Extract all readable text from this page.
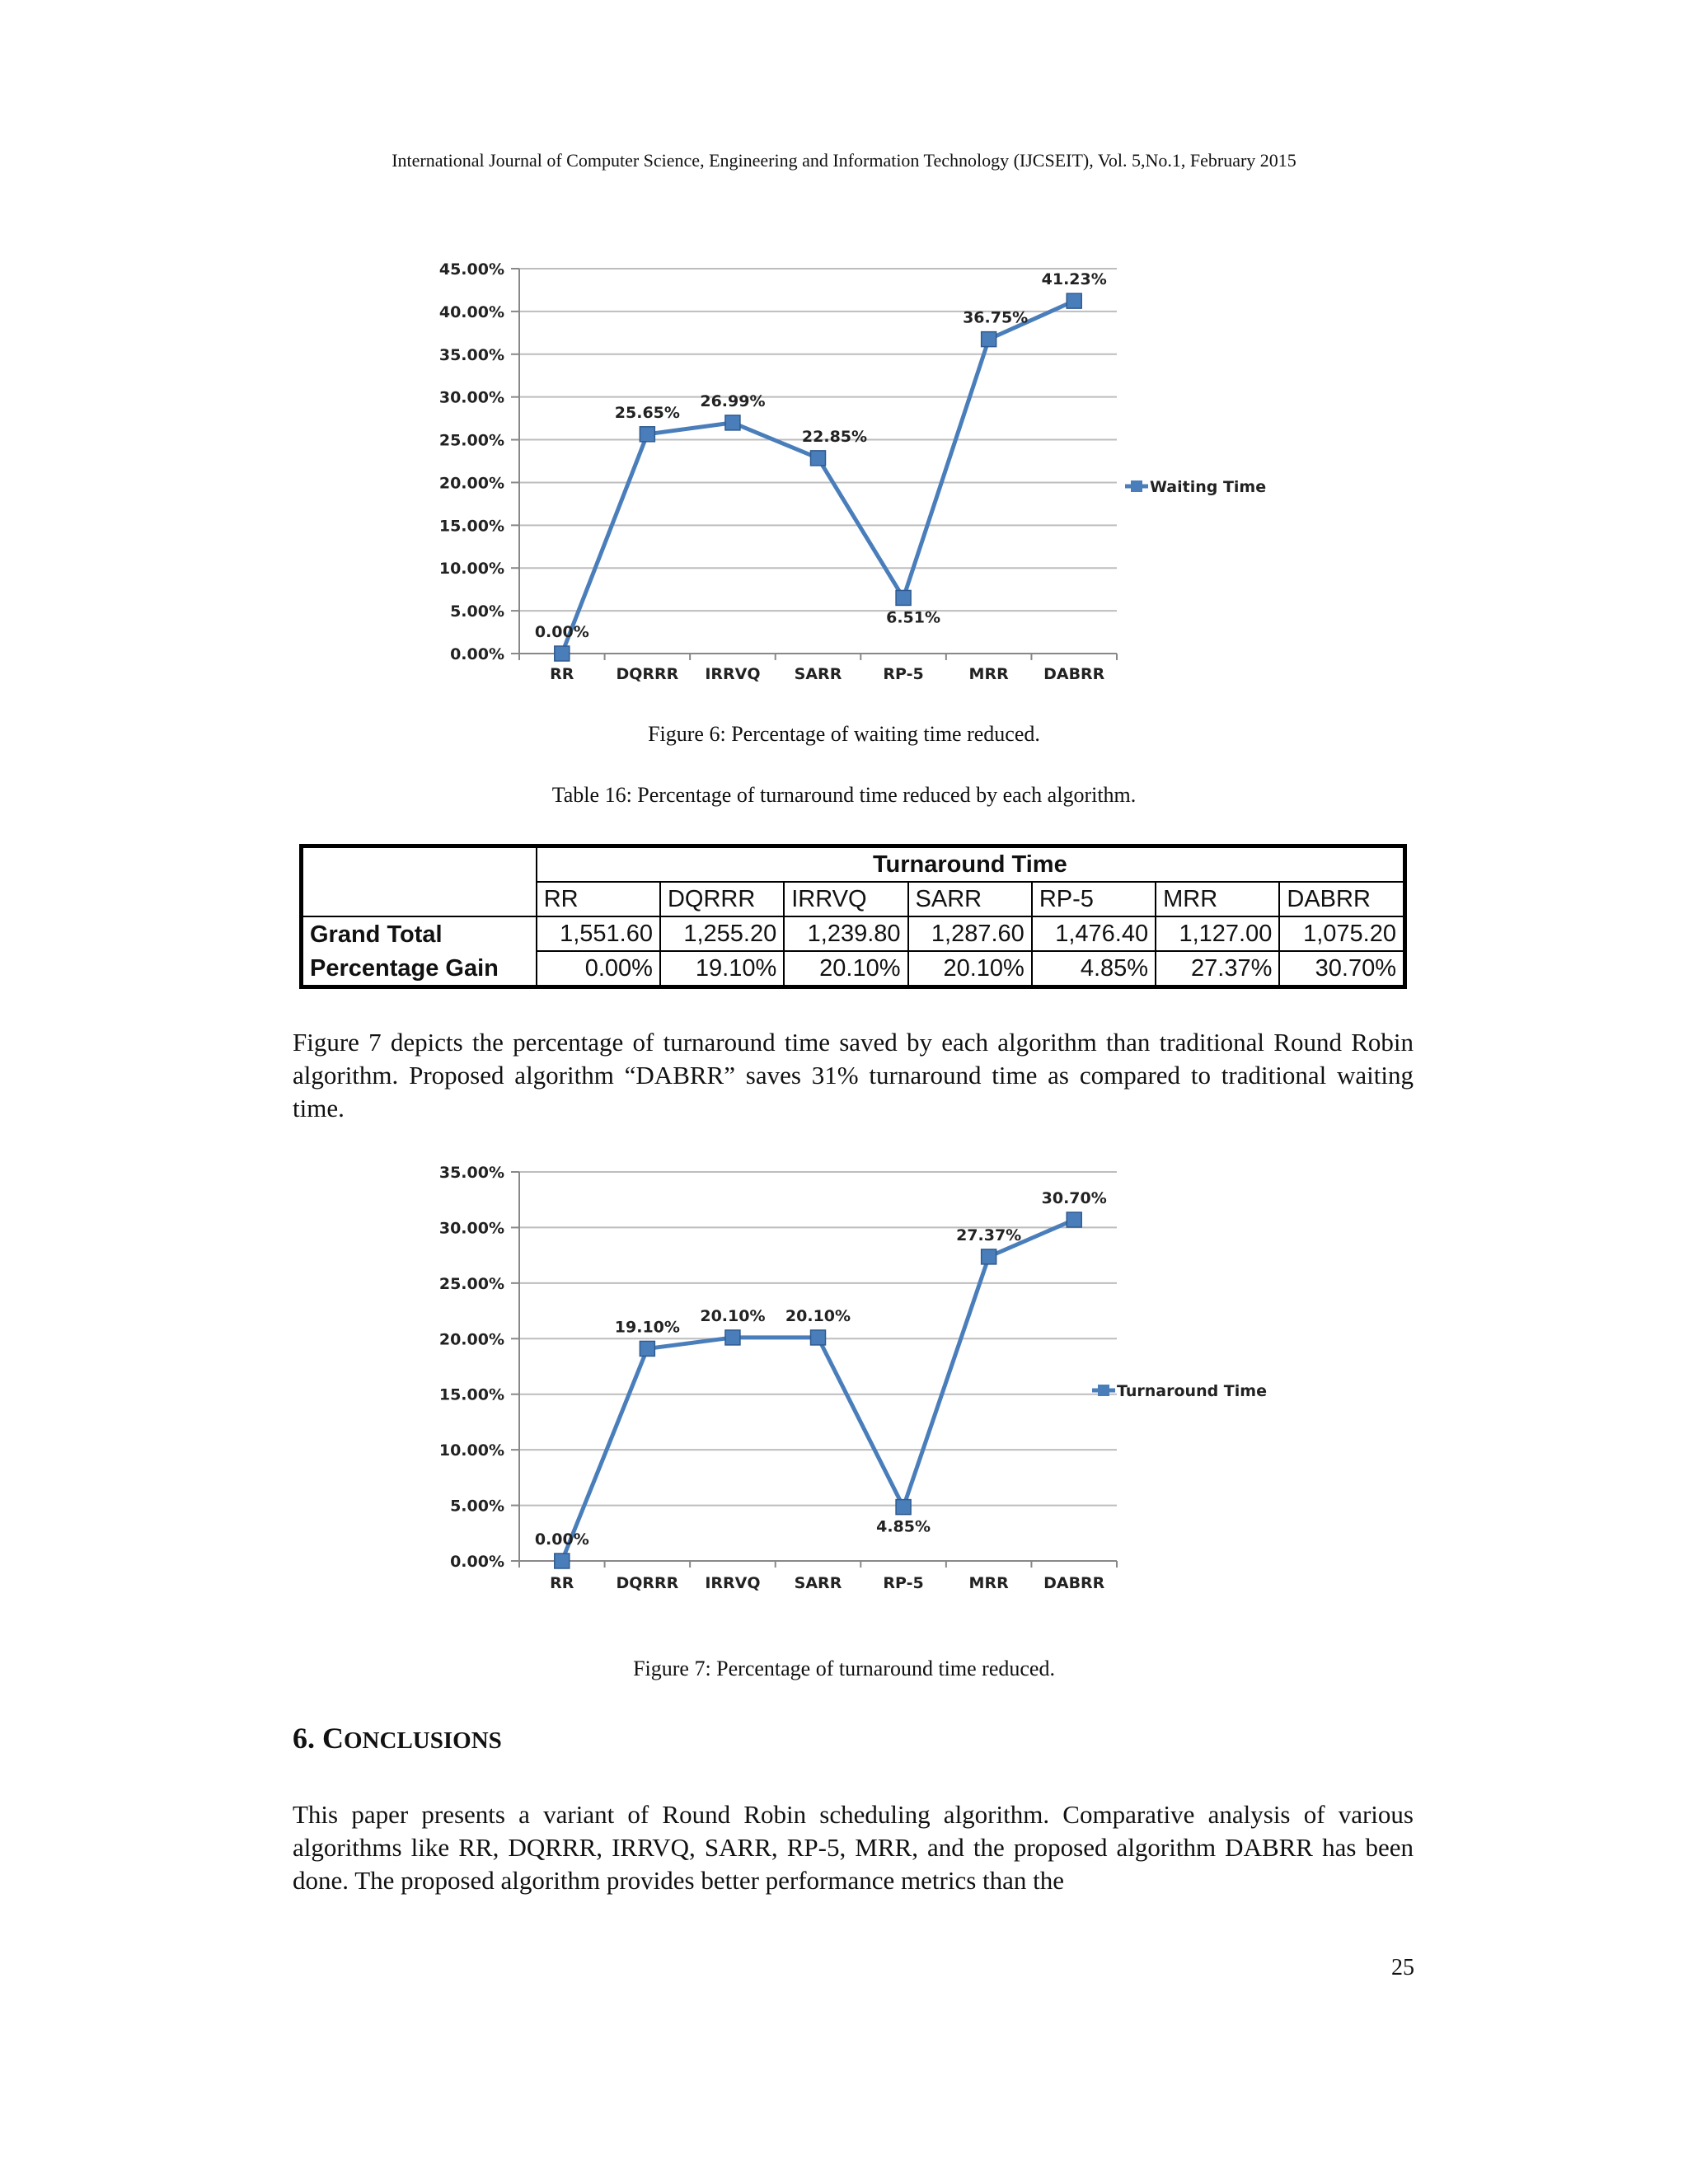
International Journal of Computer Science, Engineering and Information Technology (IJCSEIT), Vol. 5,No.1, February 2015
0.00%
5.00%
10.00%
15.00%
20.00%
25.00%
30.00%
35.00%
40.00%
45.00%
RR	DQRRR IRRVQ SARR	RP-5	MRR DABRR
0.00%
25.65%
26.99%
22.85%
6.51%
36.75%
41.23%
Waiting Time
Figure 6: Percentage of waiting time reduced.
Table 16: Percentage of turnaround time reduced by each algorithm.
	Turnaround Time						
	RR	DQRRR	IRRVQ	SARR	RP-5	MRR	DABRR
Grand Total	1,551.60	1,255.20	1,239.80	1,287.60	1,476.40	1,127.00	1,075.20
Percentage Gain	0.00%	19.10%	20.10%	20.10%	4.85%	27.37%	30.70%
Figure 7 depicts the percentage of turnaround time saved by each algorithm than traditional Round Robin algorithm. Proposed algorithm “DABRR” saves 31% turnaround time as compared to traditional waiting time.
0.00%
5.00%
10.00%
15.00%
20.00%
25.00%
30.00%
35.00%
RR	DQRRR IRRVQ SARR	RP-5	MRR DABRR
0.00%
19.10%
20.10% 20.10%
4.85%
27.37%
30.70%
Turnaround Time
Figure 7: Percentage of turnaround time reduced.
6. CONCLUSIONS
This paper presents a variant of Round Robin scheduling algorithm. Comparative analysis of various algorithms like RR, DQRRR, IRRVQ, SARR, RP-5, MRR, and the proposed algorithm DABRR has been done. The proposed algorithm provides better performance metrics than the
25
